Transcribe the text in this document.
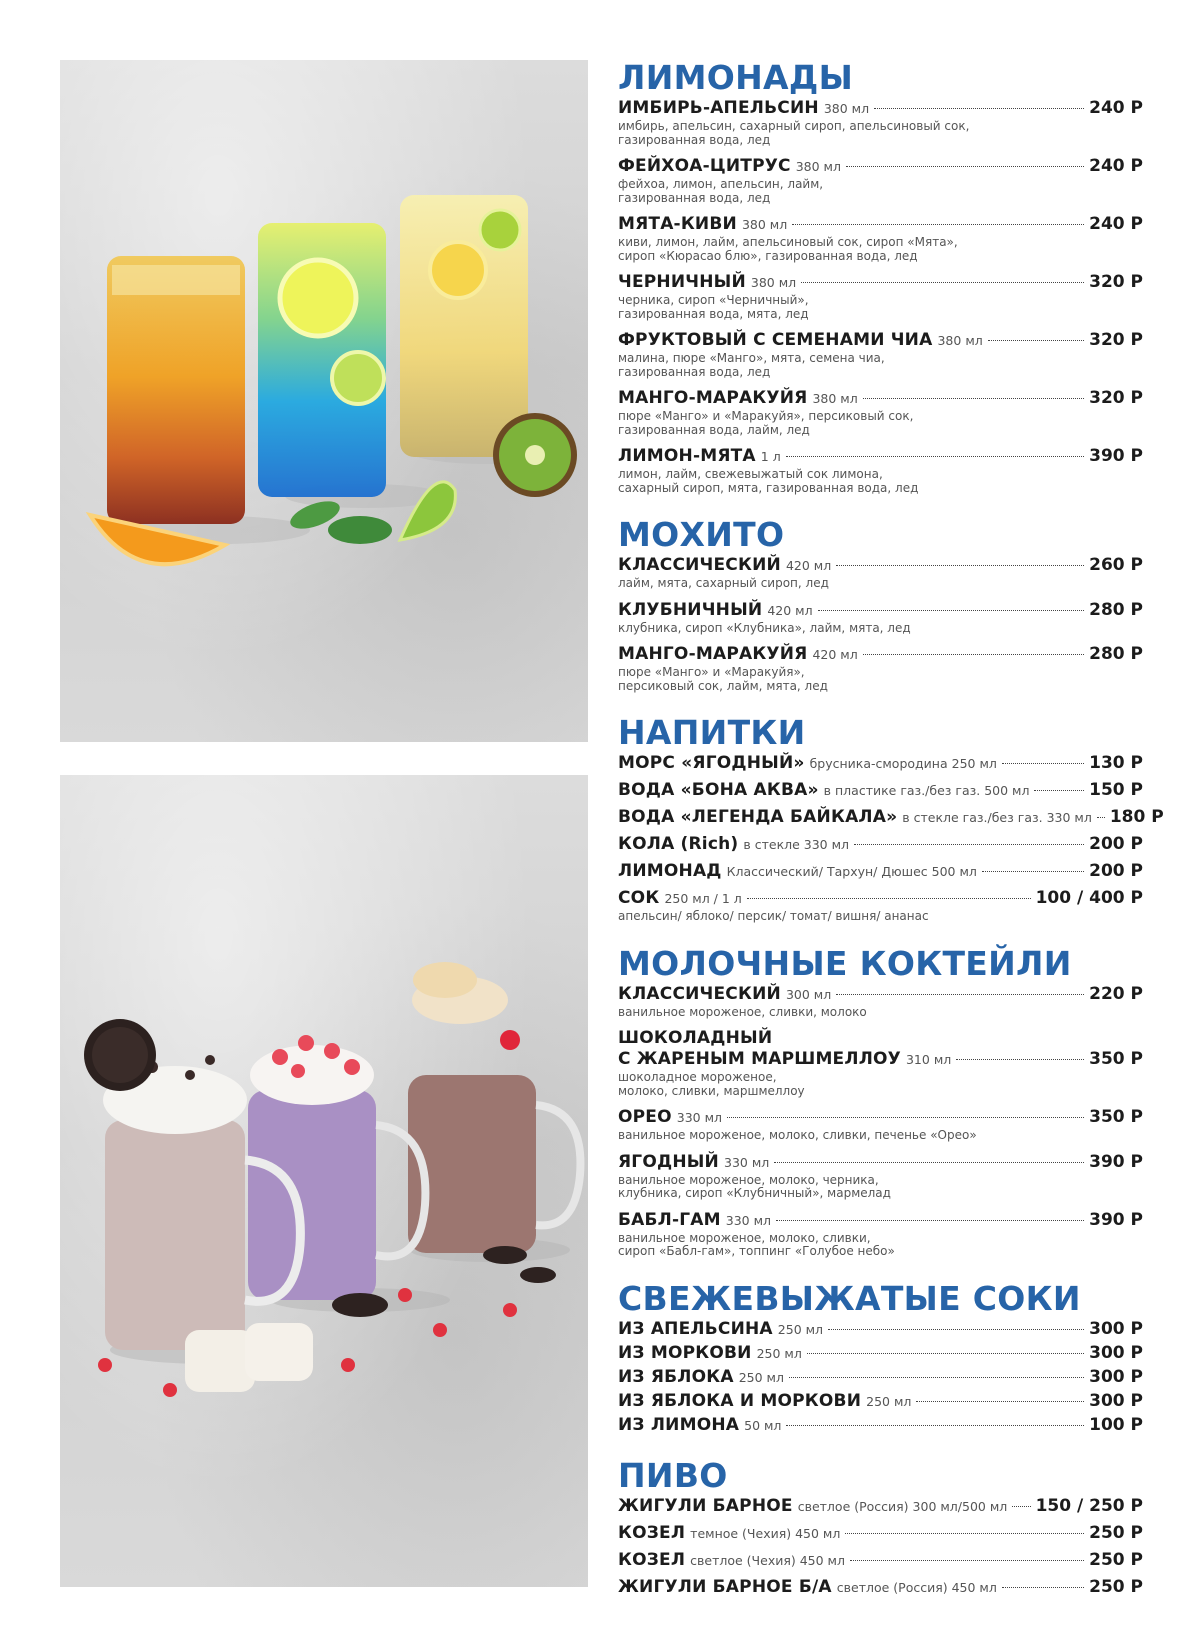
ЛИМОНАДЫ
ИМБИРЬ-АПЕЛЬСИН 380 мл	240 Р
имбирь, апельсин, сахарный сироп, апельсиновый сок,
газированная вода, лед
ФЕЙХОА-ЦИТРУС 380 мл	240 Р
фейхоа, лимон, апельсин, лайм,
газированная вода, лед
МЯТА-КИВИ 380 мл	240 Р
киви, лимон, лайм, апельсиновый сок, сироп «Мята»,
сироп «Кюрасао блю», газированная вода, лед
ЧЕРНИЧНЫЙ 380 мл	320 Р
черника, сироп «Черничный»,
газированная вода, мята, лед
ФРУКТОВЫЙ С СЕМЕНАМИ ЧИА 380 мл	320 Р
малина, пюре «Манго», мята, семена чиа,
газированная вода, лед
МАНГО-МАРАКУЙЯ 380 мл	320 Р
пюре «Манго» и «Маракуйя», персиковый сок,
газированная вода, лайм, лед
ЛИМОН-МЯТА 1 л	390 Р
лимон, лайм, свежевыжатый сок лимона,
сахарный сироп, мята, газированная вода, лед
МОХИТО
КЛАССИЧЕСКИЙ 420 мл	260 Р
лайм, мята, сахарный сироп, лед
КЛУБНИЧНЫЙ 420 мл	280 Р
клубника, сироп «Клубника», лайм, мята, лед
МАНГО-МАРАКУЙЯ 420 мл	280 Р
пюре «Манго» и «Маракуйя»,
персиковый сок, лайм, мята, лед
НАПИТКИ
МОРС «ЯГОДНЫЙ» брусника-смородина 250 мл	130 Р
ВОДА «БОНА АКВА» в пластике газ./без газ. 500 мл	150 Р
ВОДА «ЛЕГЕНДА БАЙКАЛА» в стекле газ./без газ. 330 мл 180 Р
КОЛА (Rich) в стекле 330 мл	200 Р
ЛИМОНАД Классический/ Тархун/ Дюшес 500 мл	200 Р
СОК 250 мл / 1 л	100 / 400 Р
апельсин/ яблоко/ персик/ томат/ вишня/ ананас
МОЛОЧНЫЕ КОКТЕЙЛИ
КЛАССИЧЕСКИЙ 300 мл	220 Р
ванильное мороженое, сливки, молоко
ШОКОЛАДНЫЙ
С ЖАРЕНЫМ МАРШМЕЛЛОУ 310 мл	350 Р
шоколадное мороженое,
молоко, сливки, маршмеллоу
ОРЕО 330 мл	350 Р
ванильное мороженое, молоко, сливки, печенье «Орео»
ЯГОДНЫЙ 330 мл	390 Р
ванильное мороженое, молоко, черника,
клубника, сироп «Клубничный», мармелад
БАБЛ-ГАМ 330 мл	390 Р
ванильное мороженое, молоко, сливки,
сироп «Бабл-гам», топпинг «Голубое небо»
СВЕЖЕВЫЖАТЫЕ СОКИ
ИЗ АПЕЛЬСИНА 250 мл	300 Р
ИЗ МОРКОВИ 250 мл	300 Р
ИЗ ЯБЛОКА 250 мл	300 Р
ИЗ ЯБЛОКА И МОРКОВИ 250 мл	300 Р
ИЗ ЛИМОНА 50 мл	100 Р
ПИВО
ЖИГУЛИ БАРНОЕ светлое (Россия) 300 мл/500 мл 150 / 250 Р
КОЗЕЛ темное (Чехия) 450 мл	250 Р
КОЗЕЛ светлое (Чехия) 450 мл	250 Р
ЖИГУЛИ БАРНОЕ Б/А светлое (Россия) 450 мл	250 Р
